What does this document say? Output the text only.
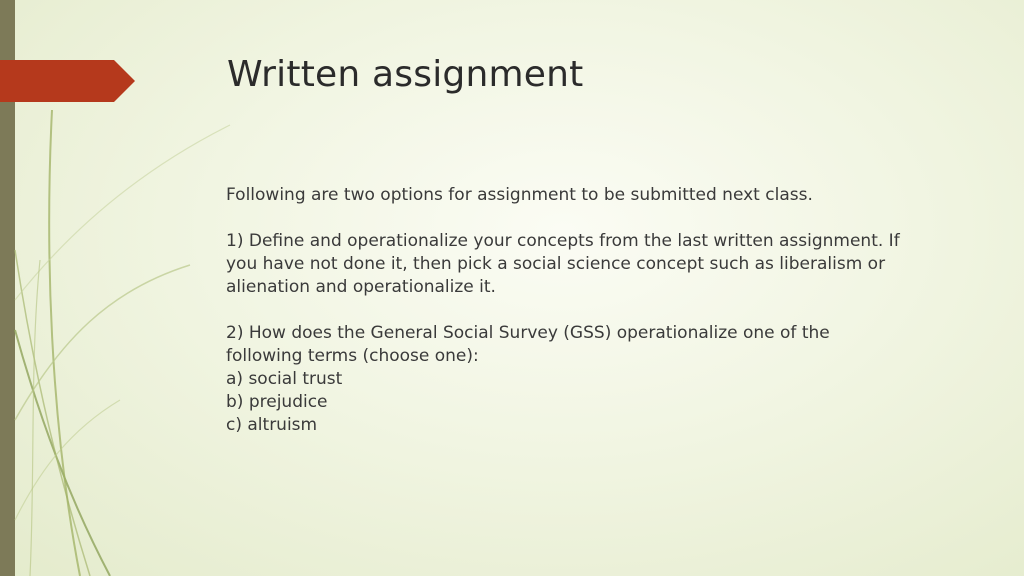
Written assignment

Following are two options for assignment to be submitted next class.

1) Define and operationalize your concepts from the last written assignment. If

you have not done it, then pick a social science concept such as liberalism or

alienation and operationalize it.

2) How does the General Social Survey (GSS) operationalize one of the

following terms (choose one):

a) social trust

b) prejudice

c) altruism
